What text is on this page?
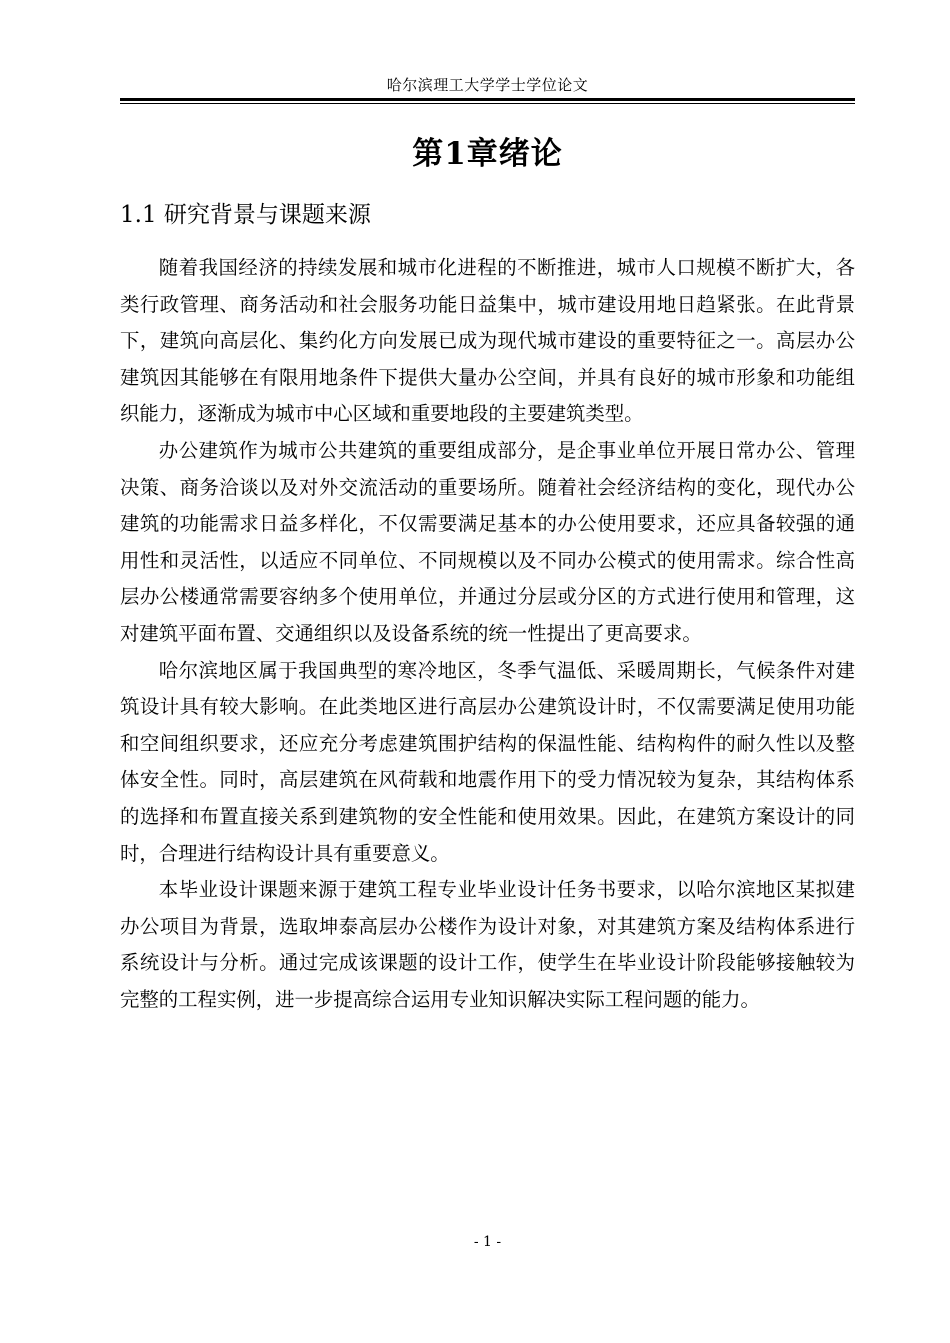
哈尔滨理工大学学士学位论文
第1章绪论
1.1 研究背景与课题来源

随着我国经济的持续发展和城市化进程的不断推进，城市人口规模不断扩大，各类行政管理、商务活动和社会服务功能日益集中，城市建设用地日趋紧张。在此背景下，建筑向高层化、集约化方向发展已成为现代城市建设的重要特征之一。高层办公建筑因其能够在有限用地条件下提供大量办公空间，并具有良好的城市形象和功能组织能力，逐渐成为城市中心区域和重要地段的主要建筑类型。

办公建筑作为城市公共建筑的重要组成部分，是企事业单位开展日常办公、管理决策、商务洽谈以及对外交流活动的重要场所。随着社会经济结构的变化，现代办公建筑的功能需求日益多样化，不仅需要满足基本的办公使用要求，还应具备较强的通用性和灵活性，以适应不同单位、不同规模以及不同办公模式的使用需求。综合性高层办公楼通常需要容纳多个使用单位，并通过分层或分区的方式进行使用和管理，这对建筑平面布置、交通组织以及设备系统的统一性提出了更高要求。

哈尔滨地区属于我国典型的寒冷地区，冬季气温低、采暖周期长，气候条件对建筑设计具有较大影响。在此类地区进行高层办公建筑设计时，不仅需要满足使用功能和空间组织要求，还应充分考虑建筑围护结构的保温性能、结构构件的耐久性以及整体安全性。同时，高层建筑在风荷载和地震作用下的受力情况较为复杂，其结构体系的选择和布置直接关系到建筑物的安全性能和使用效果。因此，在建筑方案设计的同时，合理进行结构设计具有重要意义。

本毕业设计课题来源于建筑工程专业毕业设计任务书要求，以哈尔滨地区某拟建办公项目为背景，选取坤泰高层办公楼作为设计对象，对其建筑方案及结构体系进行系统设计与分析。通过完成该课题的设计工作，使学生在毕业设计阶段能够接触较为完整的工程实例，进一步提高综合运用专业知识解决实际工程问题的能力。

- 1 -
